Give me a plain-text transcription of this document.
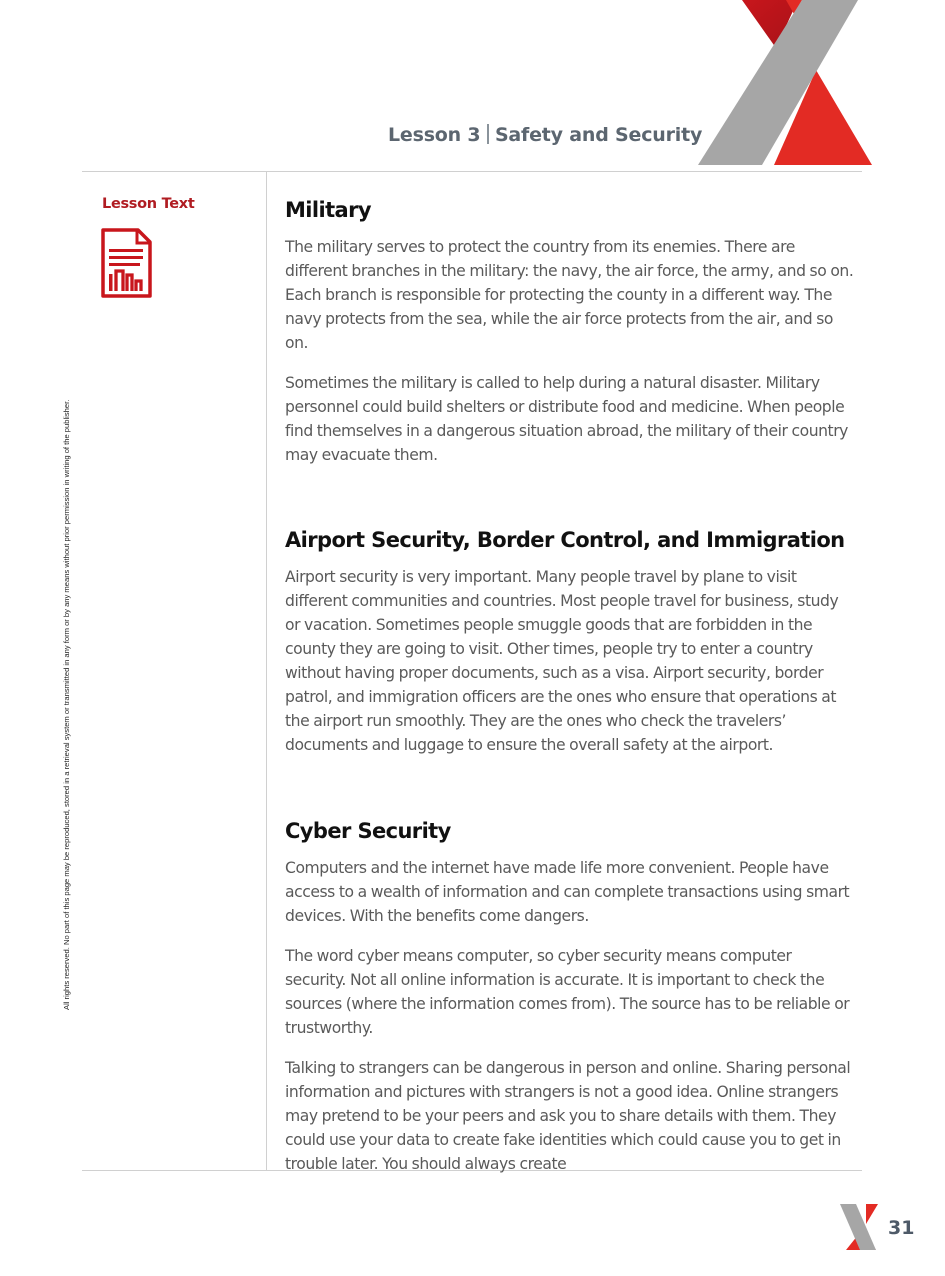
Lesson 3 Safety and Security
Lesson Text
All rights reserved. No part of this page may be reproduced, stored in a retrieval system or transmitted in any form or by any means without prior permission in writing of the publisher.
Military

The military serves to protect the country from its enemies. There are different branches in the military: the navy, the air force, the army, and so on. Each branch is responsible for protecting the county in a different way. The navy protects from the sea, while the air force protects from the air, and so on.

Sometimes the military is called to help during a natural disaster. Military personnel could build shelters or distribute food and medicine. When people find themselves in a dangerous situation abroad, the military of their country may evacuate them.

Airport Security, Border Control, and Immigration

Airport security is very important. Many people travel by plane to visit different communities and countries. Most people travel for business, study or vacation. Sometimes people smuggle goods that are forbidden in the county they are going to visit. Other times, people try to enter a country without having proper documents, such as a visa. Airport security, border patrol, and immigration officers are the ones who ensure that operations at the airport run smoothly. They are the ones who check the travelers’ documents and luggage to ensure the overall safety at the airport.

Cyber Security

Computers and the internet have made life more convenient. People have access to a wealth of information and can complete transactions using smart devices. With the benefits come dangers.

The word cyber means computer, so cyber security means computer security. Not all online information is accurate. It is important to check the sources (where the information comes from). The source has to be reliable or trustworthy.

Talking to strangers can be dangerous in person and online. Sharing personal information and pictures with strangers is not a good idea. Online strangers may pretend to be your peers and ask you to share details with them. They could use your data to create fake identities which could cause you to get in trouble later. You should always create

31
